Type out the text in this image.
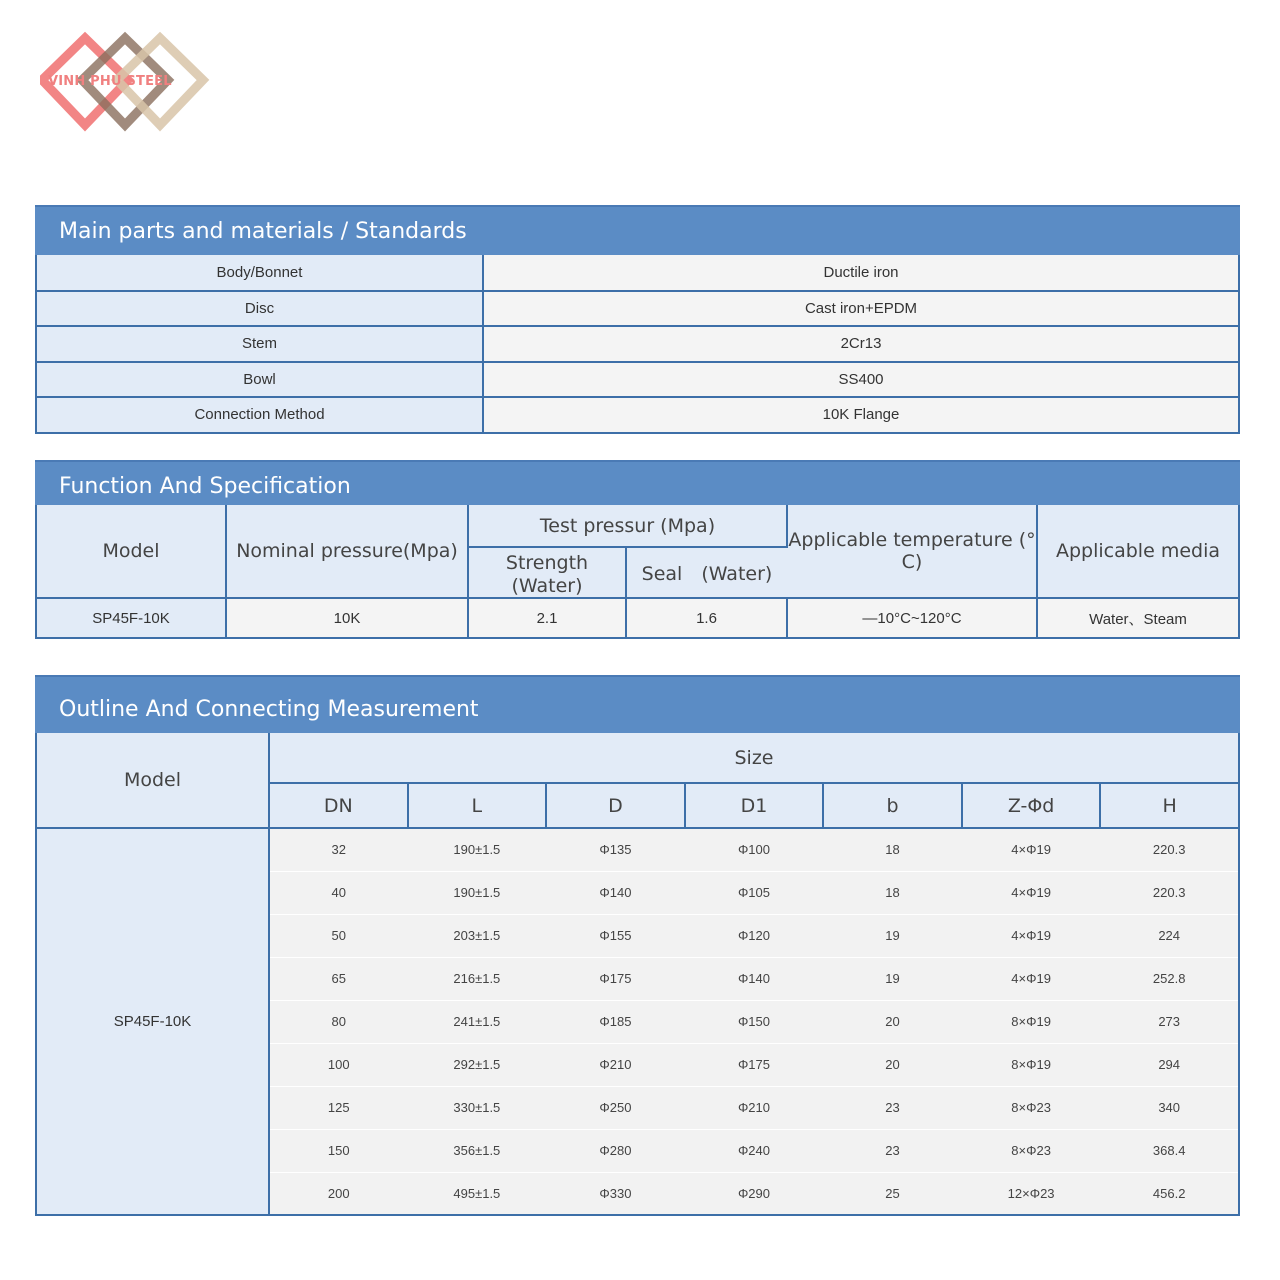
VINH PHU STEEL
Main parts and materials / Standards
Body/Bonnet	Ductile iron
Disc	Cast iron+EPDM
Stem	2Cr13
Bowl	SS400
Connection Method	10K Flange
Function And Specification
Model	Nominal pressure(Mpa)	Test pressur (Mpa)		Applicable temperature (° C)	Applicable media
		Strength　(Water)	Seal　(Water)		
SP45F-10K	10K	2.1	1.6	—10°C~120°C	Water、Steam
Outline And Connecting Measurement
Model	Size						
	DN	L	D	D1	b	Z-Φd	H
SP45F-10K	32	190±1.5	Φ135	Φ100	18	4×Φ19	220.3
	40	190±1.5	Φ140	Φ105	18	4×Φ19	220.3
	50	203±1.5	Φ155	Φ120	19	4×Φ19	224
	65	216±1.5	Φ175	Φ140	19	4×Φ19	252.8
	80	241±1.5	Φ185	Φ150	20	8×Φ19	273
	100	292±1.5	Φ210	Φ175	20	8×Φ19	294
	125	330±1.5	Φ250	Φ210	23	8×Φ23	340
	150	356±1.5	Φ280	Φ240	23	8×Φ23	368.4
	200	495±1.5	Φ330	Φ290	25	12×Φ23	456.2
